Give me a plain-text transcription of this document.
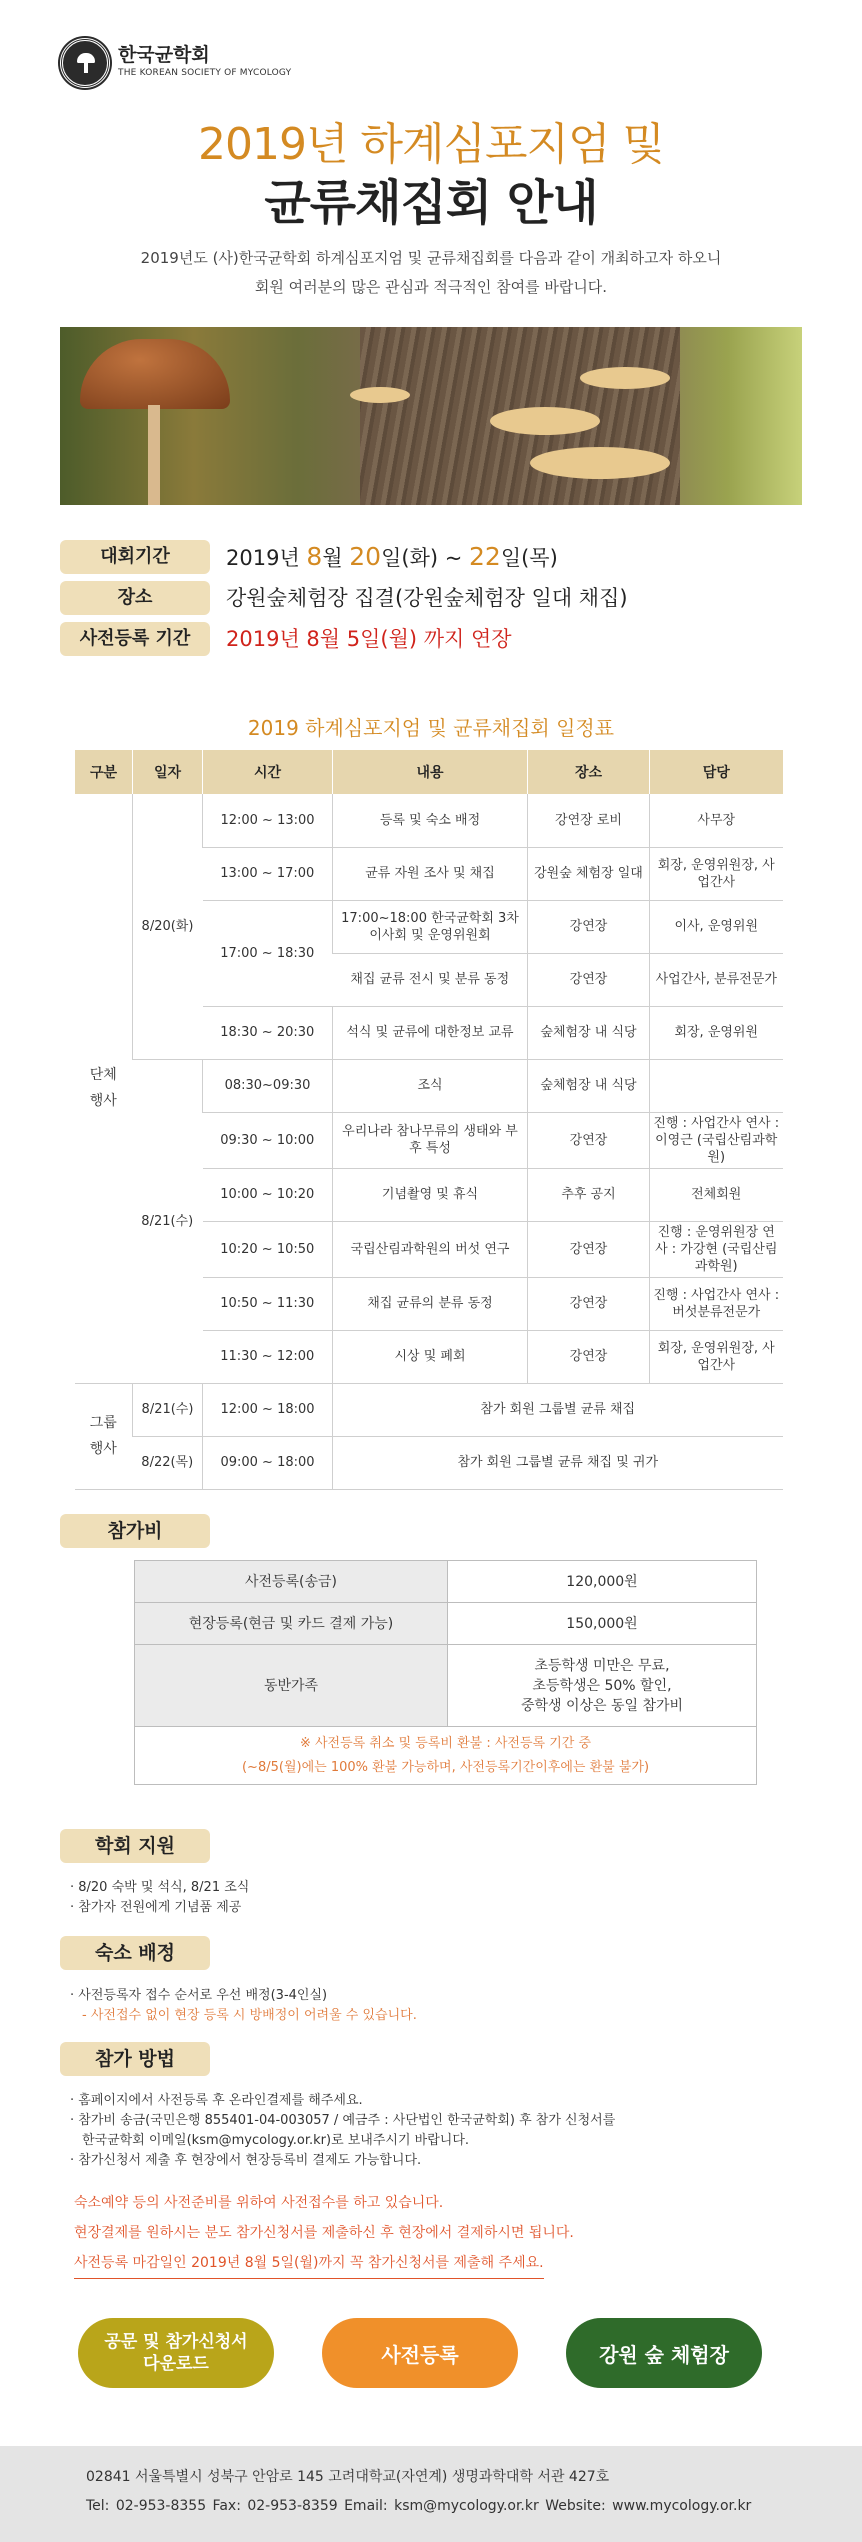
한국균학회
THE KOREAN SOCIETY OF MYCOLOGY
2019년 하계심포지엄 및
균류채집회 안내
2019년도 (사)한국균학회 하계심포지엄 및 균류채집회를 다음과 같이 개최하고자 하오니
회원 여러분의 많은 관심과 적극적인 참여를 바랍니다.
대회기간	2019년 8월 20일(화) ~ 22일(목)
장소	강원숲체험장 집결(강원숲체험장 일대 채집)
사전등록 기간	2019년 8월 5일(월) 까지 연장
2019 하계심포지엄 및 균류채집회 일정표
구분	일자	시간	내용	장소	담당
단체
행사	8/20(화)	12:00 ~ 13:00	등록 및 숙소 배정	강연장 로비	사무장
		13:00 ~ 17:00	균류 자원 조사 및 채집	강원숲 체험장 일대	회장, 운영위원장, 사업간사
		17:00 ~ 18:30	17:00~18:00 한국균학회 3차 이사회 및 운영위원회	강연장	이사, 운영위원
			채집 균류 전시 및 분류 동정	강연장	사업간사, 분류전문가
		18:30 ~ 20:30	석식 및 균류에 대한정보 교류	숲체험장 내 식당	회장, 운영위원
	8/21(수)	08:30~09:30	조식	숲체험장 내 식당	
		09:30 ~ 10:00	우리나라 참나무류의 생태와 부후 특성	강연장	진행 : 사업간사 연사 : 이영근 (국립산림과학원)
		10:00 ~ 10:20	기념촬영 및 휴식	추후 공지	전체회원
		10:20 ~ 10:50	국립산림과학원의 버섯 연구	강연장	진행 : 운영위원장 연사 : 가강현 (국립산림과학원)
		10:50 ~ 11:30	채집 균류의 분류 동정	강연장	진행 : 사업간사 연사 : 버섯분류전문가
		11:30 ~ 12:00	시상 및 폐회	강연장	회장, 운영위원장, 사업간사
그룹
행사	8/21(수)	12:00 ~ 18:00	참가 회원 그룹별 균류 채집		
	8/22(목)	09:00 ~ 18:00	참가 회원 그룹별 균류 채집 및 귀가		
참가비
사전등록(송금)	120,000원
현장등록(현금 및 카드 결제 가능)	150,000원
동반가족	초등학생 미만은 무료,
초등학생은 50% 할인,
중학생 이상은 동일 참가비

※ 사전등록 취소 및 등록비 환불 : 사전등록 기간 중
(~8/5(월)에는 100% 환불 가능하며, 사전등록기간이후에는 환불 불가)	
학회 지원
· 8/20 숙박 및 석식, 8/21 조식
· 참가자 전원에게 기념품 제공
숙소 배정
· 사전등록자 접수 순서로 우선 배정(3-4인실)
- 사전접수 없이 현장 등록 시 방배정이 어려울 수 있습니다.
참가 방법
· 홈페이지에서 사전등록 후 온라인결제를 해주세요.
· 참가비 송금(국민은행 855401-04-003057 / 예금주 : 사단법인 한국균학회) 후 참가 신청서를
한국균학회 이메일(ksm@mycology.or.kr)로 보내주시기 바랍니다.
· 참가신청서 제출 후 현장에서 현장등록비 결제도 가능합니다.
숙소예약 등의 사전준비를 위하여 사전접수를 하고 있습니다.
현장결제를 원하시는 분도 참가신청서를 제출하신 후 현장에서 결제하시면 됩니다.
사전등록 마감일인 2019년 8월 5일(월)까지 꼭 참가신청서를 제출해 주세요.
공문 및 참가신청서
다운로드	사전등록	강원 숲 체험장
02841 서울특별시 성북구 안암로 145 고려대학교(자연계) 생명과학대학 서관 427호
Tel: 02-953-8355 Fax: 02-953-8359 Email: ksm@mycology.or.kr Website: www.mycology.or.kr
